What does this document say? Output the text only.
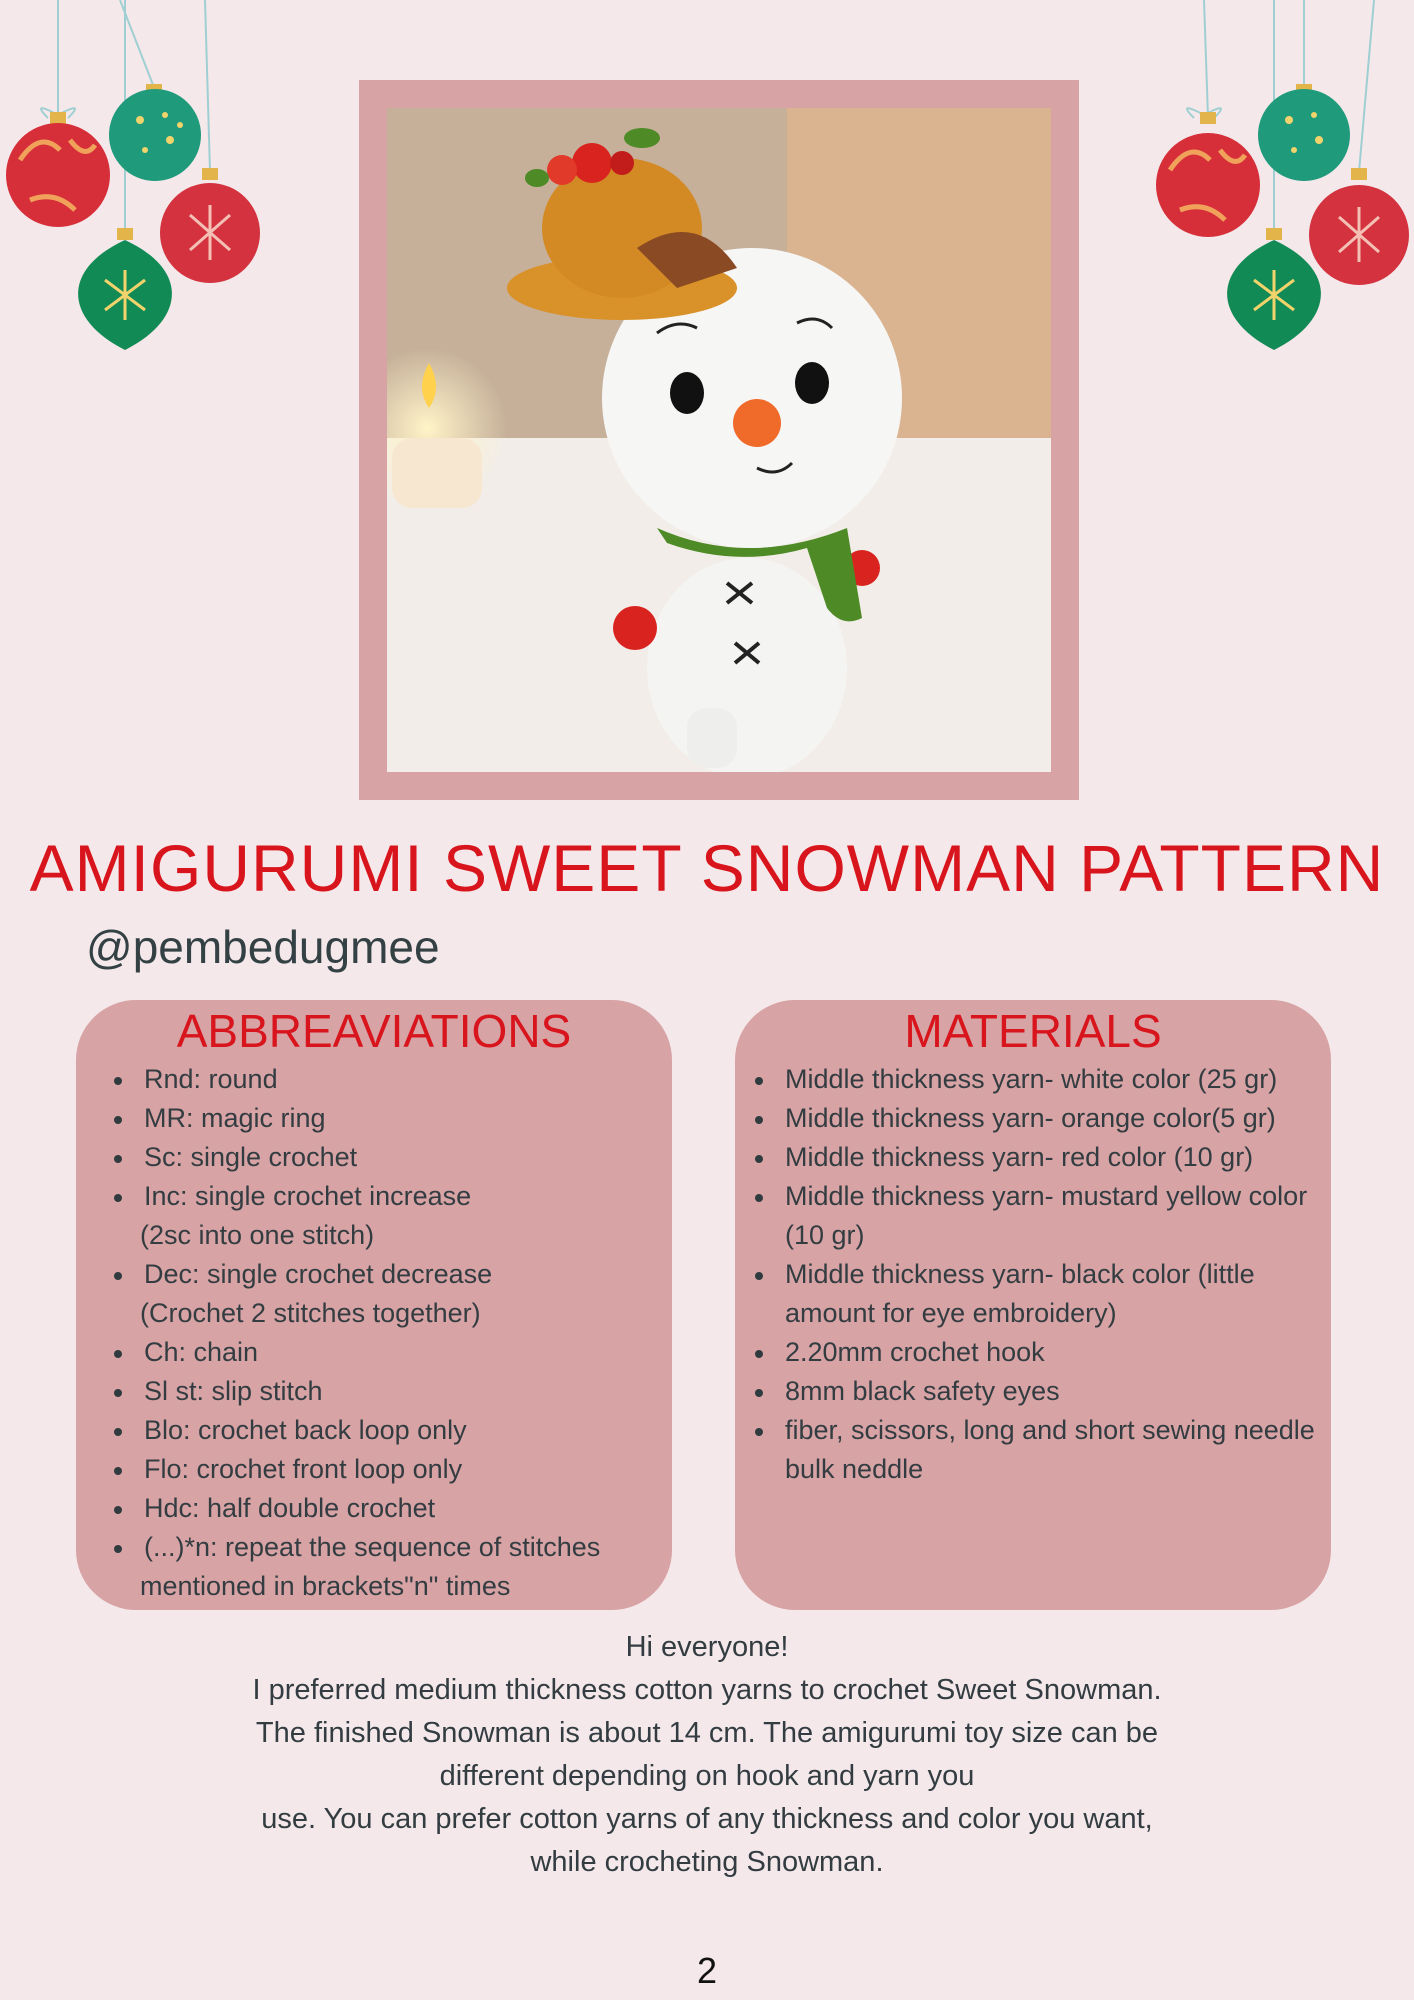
AMIGURUMI SWEET SNOWMAN PATTERN
@pembedugmee
ABBREAVIATIONS
Rnd: round
MR: magic ring
Sc: single crochet
Inc: single crochet increase
(2sc into one stitch)
Dec: single crochet decrease
(Crochet 2 stitches together)
Ch: chain
Sl st: slip stitch
Blo: crochet back loop only
Flo: crochet front loop only
Hdc: half double crochet
(...)*n: repeat the sequence of stitches
mentioned in brackets"n" times
MATERIALS
Middle thickness yarn- white color (25 gr)
Middle thickness yarn- orange color(5 gr)
Middle thickness yarn- red color (10 gr)
Middle thickness yarn- mustard yellow color (10 gr)
Middle thickness yarn- black color (little amount for eye embroidery)
2.20mm crochet hook
8mm black safety eyes
fiber, scissors, long and short sewing needle bulk neddle
Hi everyone!
I preferred medium thickness cotton yarns to crochet Sweet Snowman.
The finished Snowman is about 14 cm. The amigurumi toy size can be
different depending on hook and yarn you
use. You can prefer cotton yarns of any thickness and color you want,
while crocheting Snowman.
2
